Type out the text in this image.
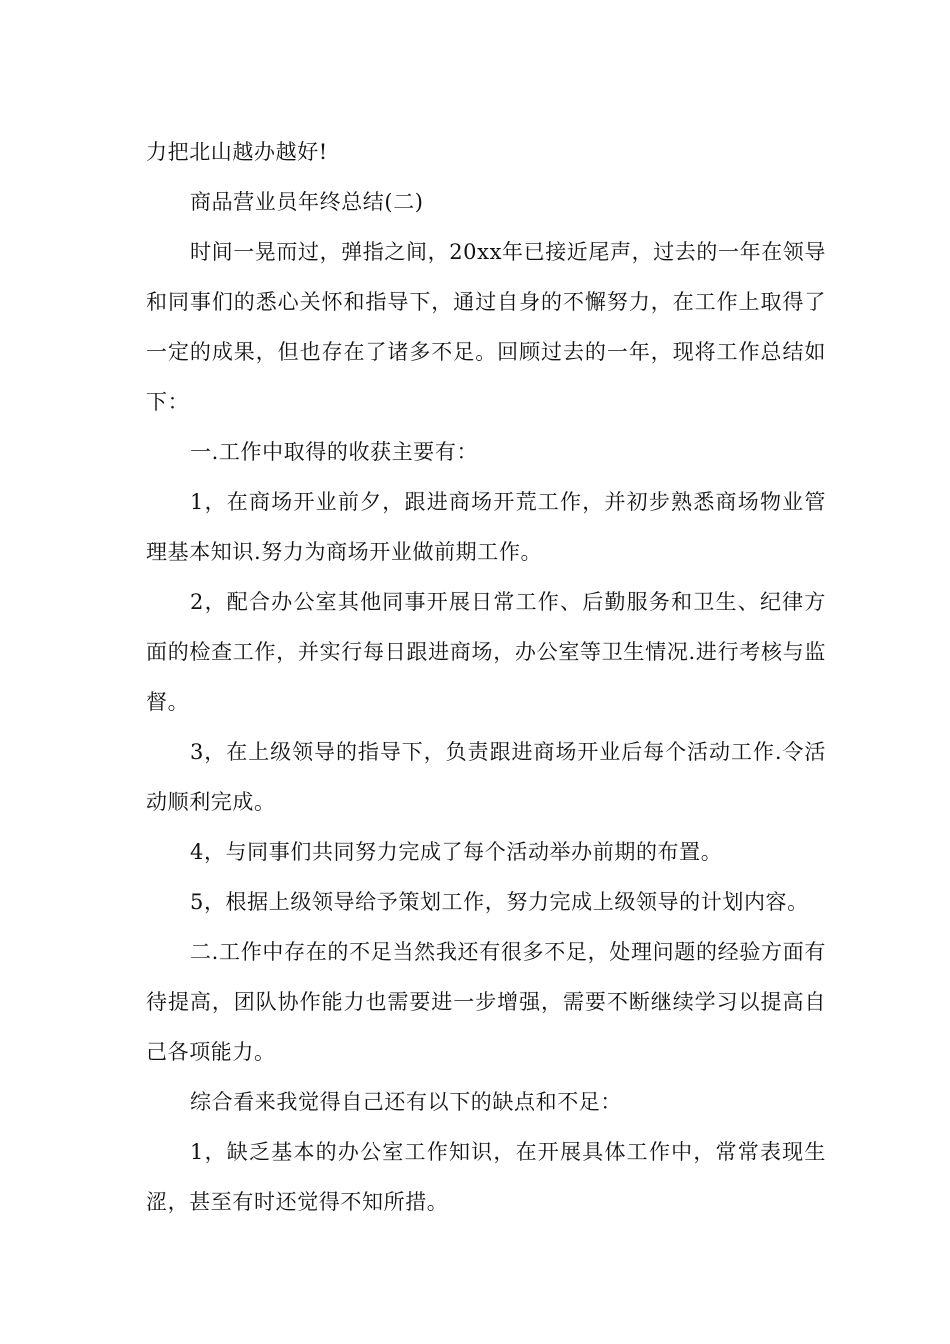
力把北山越办越好!

商品营业员年终总结(二)

时间一晃而过，弹指之间，20xx年已接近尾声，过去的一年在领导和同事们的悉心关怀和指导下，通过自身的不懈努力，在工作上取得了一定的成果，但也存在了诸多不足。回顾过去的一年，现将工作总结如下：

一.工作中取得的收获主要有：

1，在商场开业前夕，跟进商场开荒工作，并初步熟悉商场物业管理基本知识.努力为商场开业做前期工作。

2，配合办公室其他同事开展日常工作、后勤服务和卫生、纪律方面的检查工作，并实行每日跟进商场，办公室等卫生情况.进行考核与监督。

3，在上级领导的指导下，负责跟进商场开业后每个活动工作.令活动顺利完成。

4，与同事们共同努力完成了每个活动举办前期的布置。

5，根据上级领导给予策划工作，努力完成上级领导的计划内容。

二.工作中存在的不足当然我还有很多不足，处理问题的经验方面有待提高，团队协作能力也需要进一步增强，需要不断继续学习以提高自己各项能力。

综合看来我觉得自己还有以下的缺点和不足：

1，缺乏基本的办公室工作知识，在开展具体工作中，常常表现生涩，甚至有时还觉得不知所措。
